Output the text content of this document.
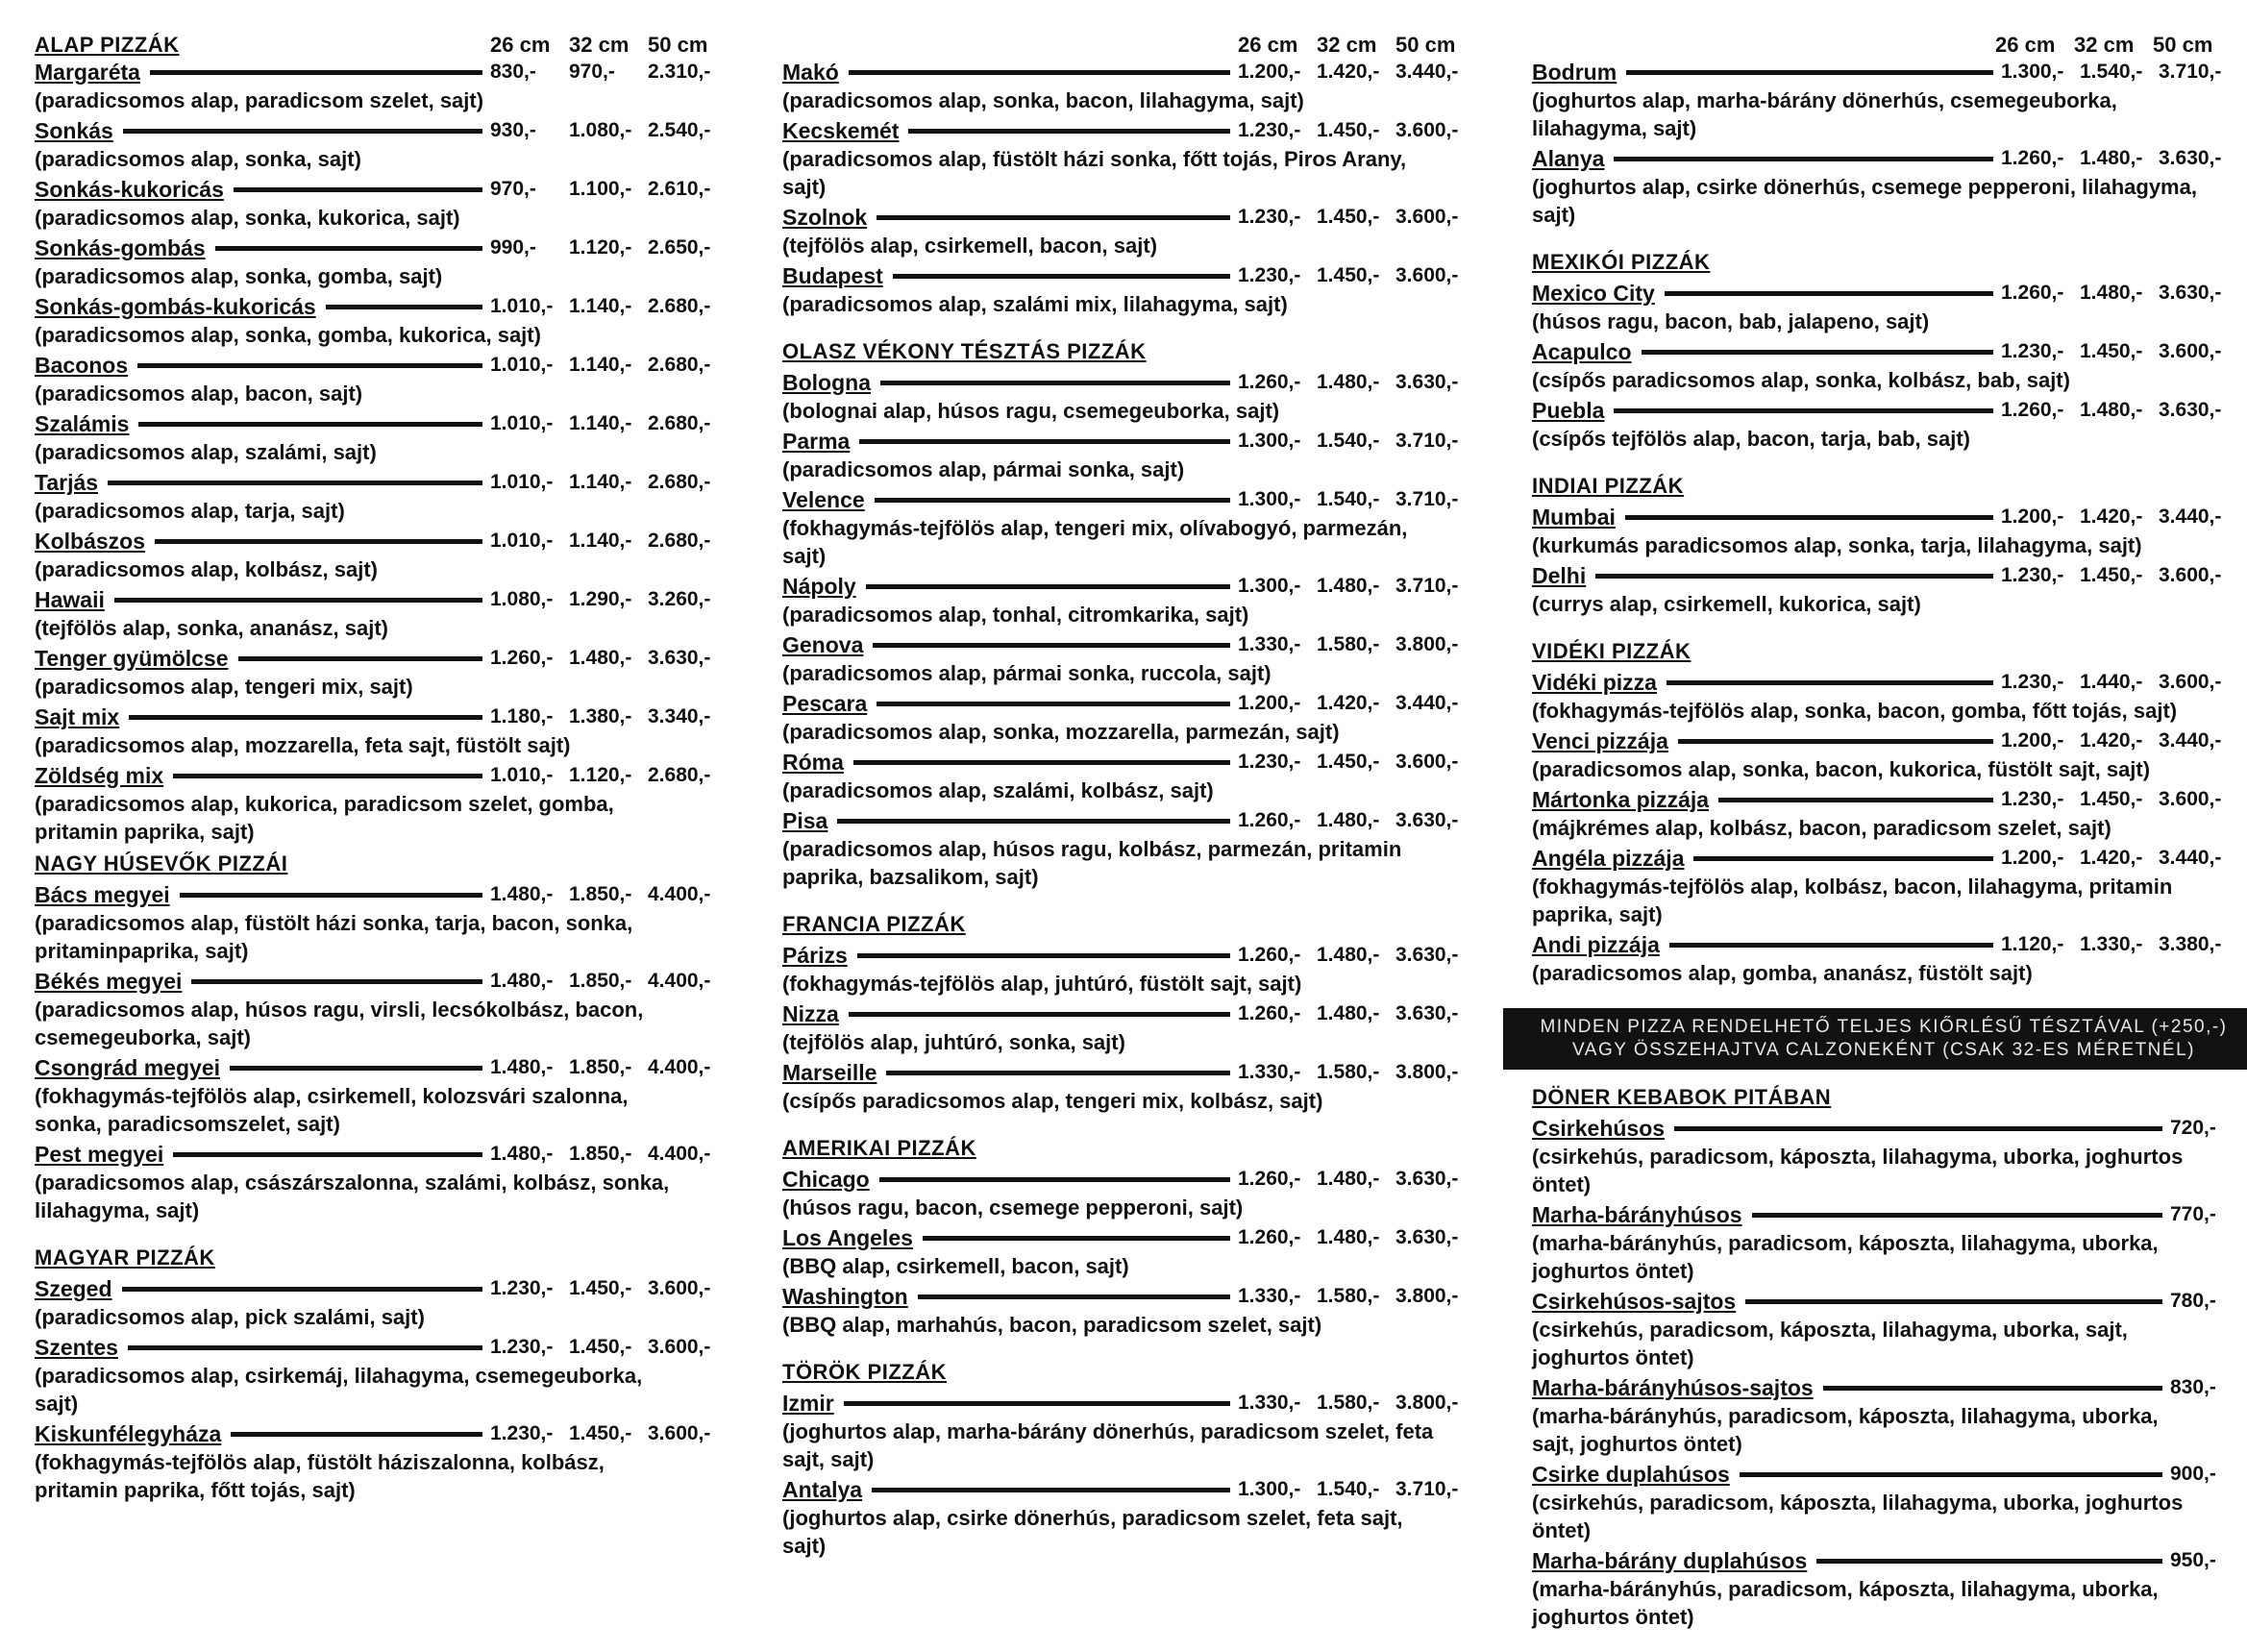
ALAP PIZZÁK	26 cm 32 cm 50 cm
Margaréta	830,-	970,-	2.310,-
(paradicsomos alap, paradicsom szelet, sajt)
Sonkás	930,-	1.080,- 2.540,-
(paradicsomos alap, sonka, sajt)
Sonkás-kukoricás	970,-	1.100,- 2.610,-
(paradicsomos alap, sonka, kukorica, sajt)
Sonkás-gombás	990,-	1.120,- 2.650,-
(paradicsomos alap, sonka, gomba, sajt)
Sonkás-gombás-kukoricás	1.010,- 1.140,- 2.680,-
(paradicsomos alap, sonka, gomba, kukorica, sajt)
Baconos	1.010,- 1.140,- 2.680,-
(paradicsomos alap, bacon, sajt)
Szalámis	1.010,- 1.140,- 2.680,-
(paradicsomos alap, szalámi, sajt)
Tarjás	1.010,- 1.140,- 2.680,-
(paradicsomos alap, tarja, sajt)
Kolbászos	1.010,- 1.140,- 2.680,-
(paradicsomos alap, kolbász, sajt)
Hawaii	1.080,- 1.290,- 3.260,-
(tejfölös alap, sonka, ananász, sajt)
Tenger gyümölcse	1.260,- 1.480,- 3.630,-
(paradicsomos alap, tengeri mix, sajt)
Sajt mix	1.180,- 1.380,- 3.340,-
(paradicsomos alap, mozzarella, feta sajt, füstölt sajt)
Zöldség mix	1.010,- 1.120,- 2.680,-
(paradicsomos alap, kukorica, paradicsom szelet, gomba, pritamin paprika, sajt)
NAGY HÚSEVŐK PIZZÁI
Bács megyei	1.480,- 1.850,- 4.400,-
(paradicsomos alap, füstölt házi sonka, tarja, bacon, sonka, pritaminpaprika, sajt)
Békés megyei	1.480,- 1.850,- 4.400,-
(paradicsomos alap, húsos ragu, virsli, lecsókolbász, bacon, csemegeuborka, sajt)
Csongrád megyei	1.480,- 1.850,- 4.400,-
(fokhagymás-tejfölös alap, csirkemell, kolozsvári szalonna, sonka, paradicsomszelet, sajt)
Pest megyei	1.480,- 1.850,- 4.400,-
(paradicsomos alap, császárszalonna, szalámi, kolbász, sonka, lilahagyma, sajt)
MAGYAR PIZZÁK
Szeged	1.230,- 1.450,- 3.600,-
(paradicsomos alap, pick szalámi, sajt)
Szentes	1.230,- 1.450,- 3.600,-
(paradicsomos alap, csirkemáj, lilahagyma, csemegeuborka, sajt)
Kiskunfélegyháza	1.230,- 1.450,- 3.600,-
(fokhagymás-tejfölös alap, füstölt háziszalonna, kolbász, pritamin paprika, főtt tojás, sajt)
26 cm 32 cm 50 cm
Makó	1.200,- 1.420,- 3.440,-
(paradicsomos alap, sonka, bacon, lilahagyma, sajt)
Kecskemét	1.230,- 1.450,- 3.600,-
(paradicsomos alap, füstölt házi sonka, főtt tojás, Piros Arany, sajt)
Szolnok	1.230,- 1.450,- 3.600,-
(tejfölös alap, csirkemell, bacon, sajt)
Budapest	1.230,- 1.450,- 3.600,-
(paradicsomos alap, szalámi mix, lilahagyma, sajt)
OLASZ VÉKONY TÉSZTÁS PIZZÁK
Bologna	1.260,- 1.480,- 3.630,-
(bolognai alap, húsos ragu, csemegeuborka, sajt)
Parma	1.300,- 1.540,- 3.710,-
(paradicsomos alap, pármai sonka, sajt)
Velence	1.300,- 1.540,- 3.710,-
(fokhagymás-tejfölös alap, tengeri mix, olívabogyó, parmezán, sajt)
Nápoly	1.300,- 1.480,- 3.710,-
(paradicsomos alap, tonhal, citromkarika, sajt)
Genova	1.330,- 1.580,- 3.800,-
(paradicsomos alap, pármai sonka, ruccola, sajt)
Pescara	1.200,- 1.420,- 3.440,-
(paradicsomos alap, sonka, mozzarella, parmezán, sajt)
Róma	1.230,- 1.450,- 3.600,-
(paradicsomos alap, szalámi, kolbász, sajt)
Pisa	1.260,- 1.480,- 3.630,-
(paradicsomos alap, húsos ragu, kolbász, parmezán, pritamin paprika, bazsalikom, sajt)
FRANCIA PIZZÁK
Párizs	1.260,- 1.480,- 3.630,-
(fokhagymás-tejfölös alap, juhtúró, füstölt sajt, sajt)
Nizza	1.260,- 1.480,- 3.630,-
(tejfölös alap, juhtúró, sonka, sajt)
Marseille	1.330,- 1.580,- 3.800,-
(csípős paradicsomos alap, tengeri mix, kolbász, sajt)
AMERIKAI PIZZÁK
Chicago	1.260,- 1.480,- 3.630,-
(húsos ragu, bacon, csemege pepperoni, sajt)
Los Angeles	1.260,- 1.480,- 3.630,-
(BBQ alap, csirkemell, bacon, sajt)
Washington	1.330,- 1.580,- 3.800,-
(BBQ alap, marhahús, bacon, paradicsom szelet, sajt)
TÖRÖK PIZZÁK
Izmir	1.330,- 1.580,- 3.800,-
(joghurtos alap, marha-bárány dönerhús, paradicsom szelet, feta sajt, sajt)
Antalya	1.300,- 1.540,- 3.710,-
(joghurtos alap, csirke dönerhús, paradicsom szelet, feta sajt, sajt)
26 cm 32 cm 50 cm
Bodrum	1.300,- 1.540,- 3.710,-
(joghurtos alap, marha-bárány dönerhús, csemegeuborka, lilahagyma, sajt)
Alanya	1.260,- 1.480,- 3.630,-
(joghurtos alap, csirke dönerhús, csemege pepperoni, lilahagyma, sajt)
MEXIKÓI PIZZÁK
Mexico City	1.260,- 1.480,- 3.630,-
(húsos ragu, bacon, bab, jalapeno, sajt)
Acapulco	1.230,- 1.450,- 3.600,-
(csípős paradicsomos alap, sonka, kolbász, bab, sajt)
Puebla	1.260,- 1.480,- 3.630,-
(csípős tejfölös alap, bacon, tarja, bab, sajt)
INDIAI PIZZÁK
Mumbai	1.200,- 1.420,- 3.440,-
(kurkumás paradicsomos alap, sonka, tarja, lilahagyma, sajt)
Delhi	1.230,- 1.450,- 3.600,-
(currys alap, csirkemell, kukorica, sajt)
VIDÉKI PIZZÁK
Vidéki pizza	1.230,- 1.440,- 3.600,-
(fokhagymás-tejfölös alap, sonka, bacon, gomba, főtt tojás, sajt)
Venci pizzája	1.200,- 1.420,- 3.440,-
(paradicsomos alap, sonka, bacon, kukorica, füstölt sajt, sajt)
Mártonka pizzája	1.230,- 1.450,- 3.600,-
(májkrémes alap, kolbász, bacon, paradicsom szelet, sajt)
Angéla pizzája	1.200,- 1.420,- 3.440,-
(fokhagymás-tejfölös alap, kolbász, bacon, lilahagyma, pritamin paprika, sajt)
Andi pizzája	1.120,- 1.330,- 3.380,-
(paradicsomos alap, gomba, ananász, füstölt sajt)
MINDEN PIZZA RENDELHETŐ TELJES KIŐRLÉSŰ TÉSZTÁVAL (+250,-)
VAGY ÖSSZEHAJTVA CALZONEKÉNT (CSAK 32-ES MÉRETNÉL)
DÖNER KEBABOK PITÁBAN
Csirkehúsos	720,-
(csirkehús, paradicsom, káposzta, lilahagyma, uborka, joghurtos öntet)
Marha-bárányhúsos	770,-
(marha-bárányhús, paradicsom, káposzta, lilahagyma, uborka, joghurtos öntet)
Csirkehúsos-sajtos	780,-
(csirkehús, paradicsom, káposzta, lilahagyma, uborka, sajt, joghurtos öntet)
Marha-bárányhúsos-sajtos	830,-
(marha-bárányhús, paradicsom, káposzta, lilahagyma, uborka, sajt, joghurtos öntet)
Csirke duplahúsos	900,-
(csirkehús, paradicsom, káposzta, lilahagyma, uborka, joghurtos öntet)
Marha-bárány duplahúsos	950,-
(marha-bárányhús, paradicsom, káposzta, lilahagyma, uborka, joghurtos öntet)
